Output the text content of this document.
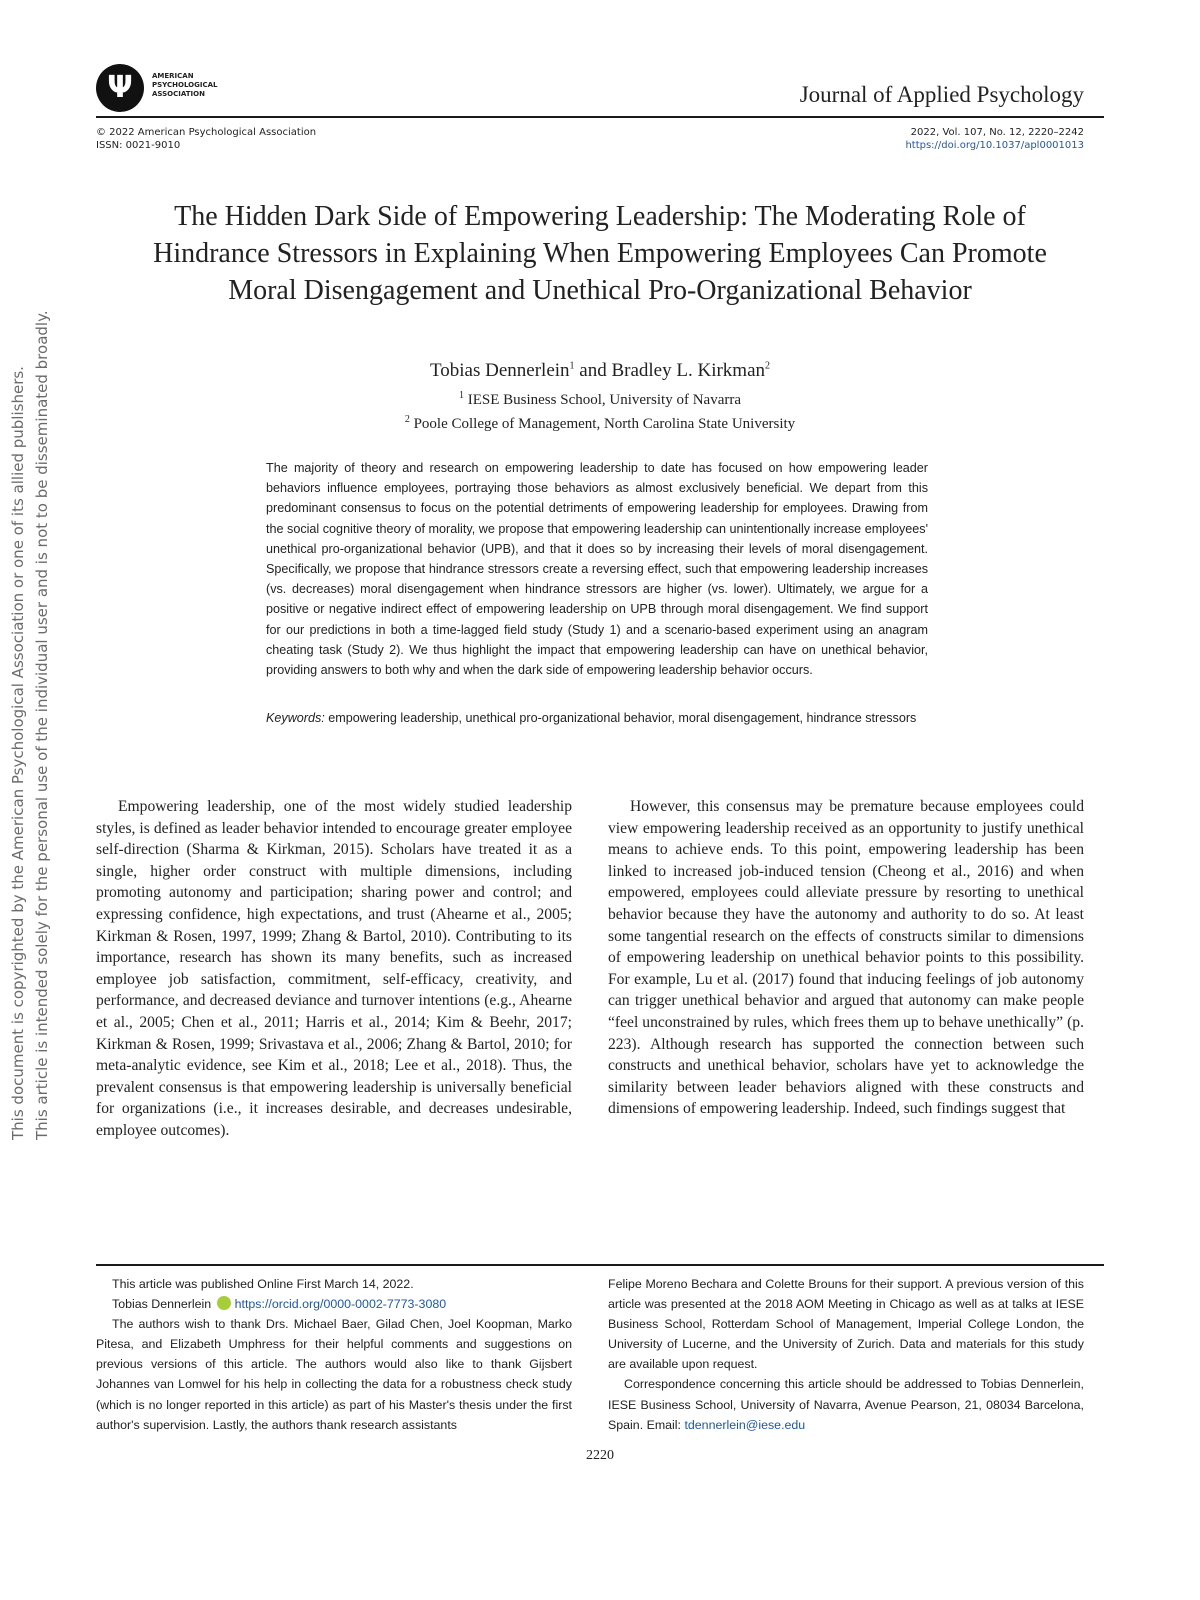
This document is copyrighted by the American Psychological Association or one of its allied publishers. This article is intended solely for the personal use of the individual user and is not to be disseminated broadly.
Ψ	AMERICAN PSYCHOLOGICAL ASSOCIATION	Journal of Applied Psychology
© 2022 American Psychological Association
ISSN: 0021-9010
2022, Vol. 107, No. 12, 2220–2242
https://doi.org/10.1037/apl0001013
The Hidden Dark Side of Empowering Leadership: The Moderating Role of Hindrance Stressors in Explaining When Empowering Employees Can Promote Moral Disengagement and Unethical Pro-Organizational Behavior
Tobias Dennerlein$^1$ and Bradley L. Kirkman$^2$
$^1$ IESE Business School, University of Navarra
$^2$ Poole College of Management, North Carolina State University
The majority of theory and research on empowering leadership to date has focused on how empowering leader behaviors influence employees, portraying those behaviors as almost exclusively beneficial. We depart from this predominant consensus to focus on the potential detriments of empowering leadership for employees. Drawing from the social cognitive theory of morality, we propose that empowering leadership can unintentionally increase employees' unethical pro-organizational behavior (UPB), and that it does so by increasing their levels of moral disengagement. Specifically, we propose that hindrance stressors create a reversing effect, such that empowering leadership increases (vs. decreases) moral disengagement when hindrance stressors are higher (vs. lower). Ultimately, we argue for a positive or negative indirect effect of empowering leadership on UPB through moral disengagement. We find support for our predictions in both a time-lagged field study (Study 1) and a scenario-based experiment using an anagram cheating task (Study 2). We thus highlight the impact that empowering leadership can have on unethical behavior, providing answers to both why and when the dark side of empowering leadership behavior occurs.
Keywords: empowering leadership, unethical pro-organizational behavior, moral disengagement, hindrance stressors

Empowering leadership, one of the most widely studied leadership styles, is defined as leader behavior intended to encourage greater employee self-direction (Sharma & Kirkman, 2015). Scholars have treated it as a single, higher order construct with multiple dimensions, including promoting autonomy and participation; sharing power and control; and expressing confidence, high expectations, and trust (Ahearne et al., 2005; Kirkman & Rosen, 1997, 1999; Zhang & Bartol, 2010). Contributing to its importance, research has shown its many benefits, such as increased employee job satisfaction, commitment, self-efficacy, creativity, and performance, and decreased deviance and turnover intentions (e.g., Ahearne et al., 2005; Chen et al., 2011; Harris et al., 2014; Kim & Beehr, 2017; Kirkman & Rosen, 1999; Srivastava et al., 2006; Zhang & Bartol, 2010; for meta-analytic evidence, see Kim et al., 2018; Lee et al., 2018). Thus, the prevalent consensus is that empowering leadership is universally beneficial for organizations (i.e., it increases desirable, and decreases undesirable, employee outcomes).

However, this consensus may be premature because employees could view empowering leadership received as an opportunity to justify unethical means to achieve ends. To this point, empowering leadership has been linked to increased job-induced tension (Cheong et al., 2016) and when empowered, employees could alleviate pressure by resorting to unethical behavior because they have the autonomy and authority to do so. At least some tangential research on the effects of constructs similar to dimensions of empowering leadership on unethical behavior points to this possibility. For example, Lu et al. (2017) found that inducing feelings of job autonomy can trigger unethical behavior and argued that autonomy can make people “feel unconstrained by rules, which frees them up to behave unethically” (p. 223). Although research has supported the connection between such constructs and unethical behavior, scholars have yet to acknowledge the similarity between leader behaviors aligned with these constructs and dimensions of empowering leadership. Indeed, such findings suggest that

This article was published Online First March 14, 2022.

Tobias Dennerlein https://orcid.org/0000-0002-7773-3080

The authors wish to thank Drs. Michael Baer, Gilad Chen, Joel Koopman, Marko Pitesa, and Elizabeth Umphress for their helpful comments and suggestions on previous versions of this article. The authors would also like to thank Gijsbert Johannes van Lomwel for his help in collecting the data for a robustness check study (which is no longer reported in this article) as part of his Master's thesis under the first author's supervision. Lastly, the authors thank research assistants

Felipe Moreno Bechara and Colette Brouns for their support. A previous version of this article was presented at the 2018 AOM Meeting in Chicago as well as at talks at IESE Business School, Rotterdam School of Management, Imperial College London, the University of Lucerne, and the University of Zurich. Data and materials for this study are available upon request.

Correspondence concerning this article should be addressed to Tobias Dennerlein, IESE Business School, University of Navarra, Avenue Pearson, 21, 08034 Barcelona, Spain. Email: tdennerlein@iese.edu

2220
